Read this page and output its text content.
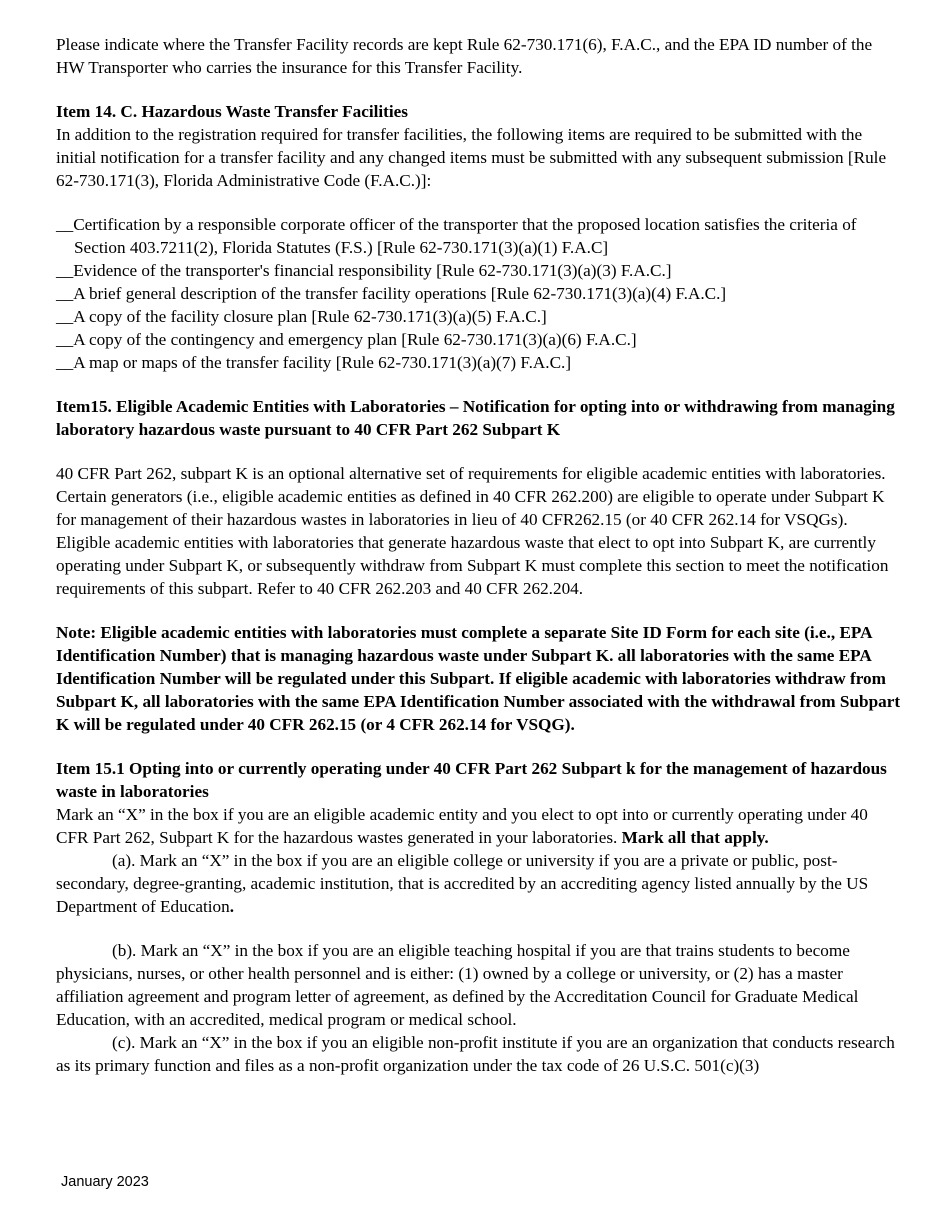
Please indicate where the Transfer Facility records are kept Rule 62-730.171(6), F.A.C., and the EPA ID number of the HW Transporter who carries the insurance for this Transfer Facility.

Item 14. C. Hazardous Waste Transfer Facilities

In addition to the registration required for transfer facilities, the following items are required to be submitted with the initial notification for a transfer facility and any changed items must be submitted with any subsequent submission [Rule 62-730.171(3), Florida Administrative Code (F.A.C.)]:

__Certification by a responsible corporate officer of the transporter that the proposed location satisfies the criteria of Section 403.7211(2), Florida Statutes (F.S.) [Rule 62-730.171(3)(a)(1) F.A.C]

__Evidence of the transporter's financial responsibility [Rule 62-730.171(3)(a)(3) F.A.C.]

__A brief general description of the transfer facility operations [Rule 62-730.171(3)(a)(4) F.A.C.]

__A copy of the facility closure plan [Rule 62-730.171(3)(a)(5) F.A.C.]

__A copy of the contingency and emergency plan [Rule 62-730.171(3)(a)(6) F.A.C.]

__A map or maps of the transfer facility [Rule 62-730.171(3)(a)(7) F.A.C.]

Item15. Eligible Academic Entities with Laboratories – Notification for opting into or withdrawing from managing laboratory hazardous waste pursuant to 40 CFR Part 262 Subpart K

40 CFR Part 262, subpart K is an optional alternative set of requirements for eligible academic entities with laboratories. Certain generators (i.e., eligible academic entities as defined in 40 CFR 262.200) are eligible to operate under Subpart K for management of their hazardous wastes in laboratories in lieu of 40 CFR262.15 (or 40 CFR 262.14 for VSQGs). Eligible academic entities with laboratories that generate hazardous waste that elect to opt into Subpart K, are currently operating under Subpart K, or subsequently withdraw from Subpart K must complete this section to meet the notification requirements of this subpart. Refer to 40 CFR 262.203 and 40 CFR 262.204.

Note: Eligible academic entities with laboratories must complete a separate Site ID Form for each site (i.e., EPA Identification Number) that is managing hazardous waste under Subpart K. all laboratories with the same EPA Identification Number will be regulated under this Subpart. If eligible academic with laboratories withdraw from Subpart K, all laboratories with the same EPA Identification Number associated with the withdrawal from Subpart K will be regulated under 40 CFR 262.15 (or 4 CFR 262.14 for VSQG).

Item 15.1 Opting into or currently operating under 40 CFR Part 262 Subpart k for the management of hazardous waste in laboratories

Mark an “X” in the box if you are an eligible academic entity and you elect to opt into or currently operating under 40 CFR Part 262, Subpart K for the hazardous wastes generated in your laboratories. Mark all that apply.

(a). Mark an “X” in the box if you are an eligible college or university if you are a private or public, post-secondary, degree-granting, academic institution, that is accredited by an accrediting agency listed annually by the US Department of Education.

(b). Mark an “X” in the box if you are an eligible teaching hospital if you are that trains students to become physicians, nurses, or other health personnel and is either: (1) owned by a college or university, or (2) has a master affiliation agreement and program letter of agreement, as defined by the Accreditation Council for Graduate Medical Education, with an accredited, medical program or medical school.

(c). Mark an “X” in the box if you an eligible non-profit institute if you are an organization that conducts research as its primary function and files as a non-profit organization under the tax code of 26 U.S.C. 501(c)(3)

January 2023
